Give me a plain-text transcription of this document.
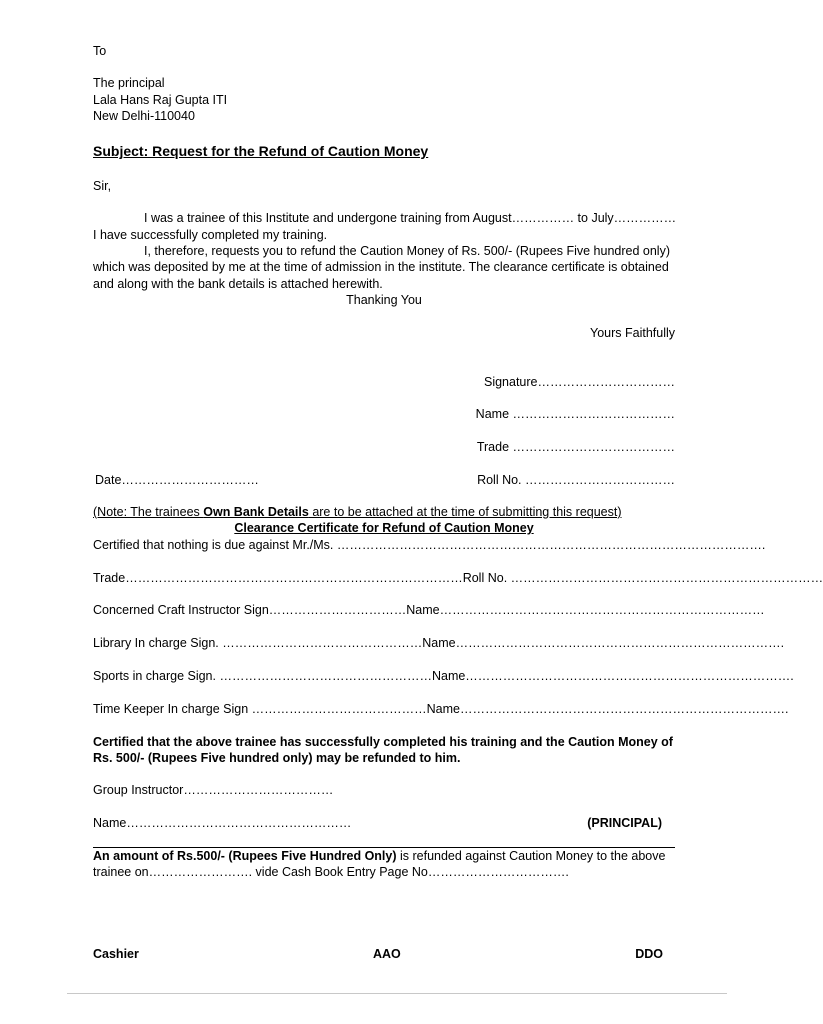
To
The principal
Lala Hans Raj Gupta ITI
New Delhi-110040
Subject: Request for the Refund of Caution Money
Sir,
I was a trainee of this Institute and undergone training from August…………… to July……………
I have successfully completed my training.
I, therefore, requests you to refund the Caution Money of Rs. 500/- (Rupees Five hundred only) which was deposited by me at the time of admission in the institute. The clearance certificate is obtained and along with the bank details is attached herewith.
Thanking You
Yours Faithfully
Signature……………………………
Name …………………………………
Trade …………………………………
Date……………………………	Roll No. ………………………………
(Note: The trainees Own Bank Details are to be attached at the time of submitting this request)
Clearance Certificate for Refund of Caution Money
Certified that nothing is due against Mr./Ms. ………………………………………………………………………………………….
Trade……………………………………………………………………… Roll No. …………………………………………………………………
Concerned Craft Instructor Sign…………………………… Name……………………………………………………………………
Library In charge Sign. ………………………………………… Name…………………………………………………………………….
Sports in charge Sign. …………………………………………… Name…………………………………………………………………….
Time Keeper In charge Sign …………………………………… Name…………………………………………………………………….
Certified that the above trainee has successfully completed his training and the Caution Money of Rs. 500/- (Rupees Five hundred only) may be refunded to him.
Group Instructor………………………………
Name………………………………………………	(PRINCIPAL)
An amount of Rs.500/- (Rupees Five Hundred Only) is refunded against Caution Money to the above trainee on……………………. vide Cash Book Entry Page No…………………………….
Cashier	AAO	DDO
